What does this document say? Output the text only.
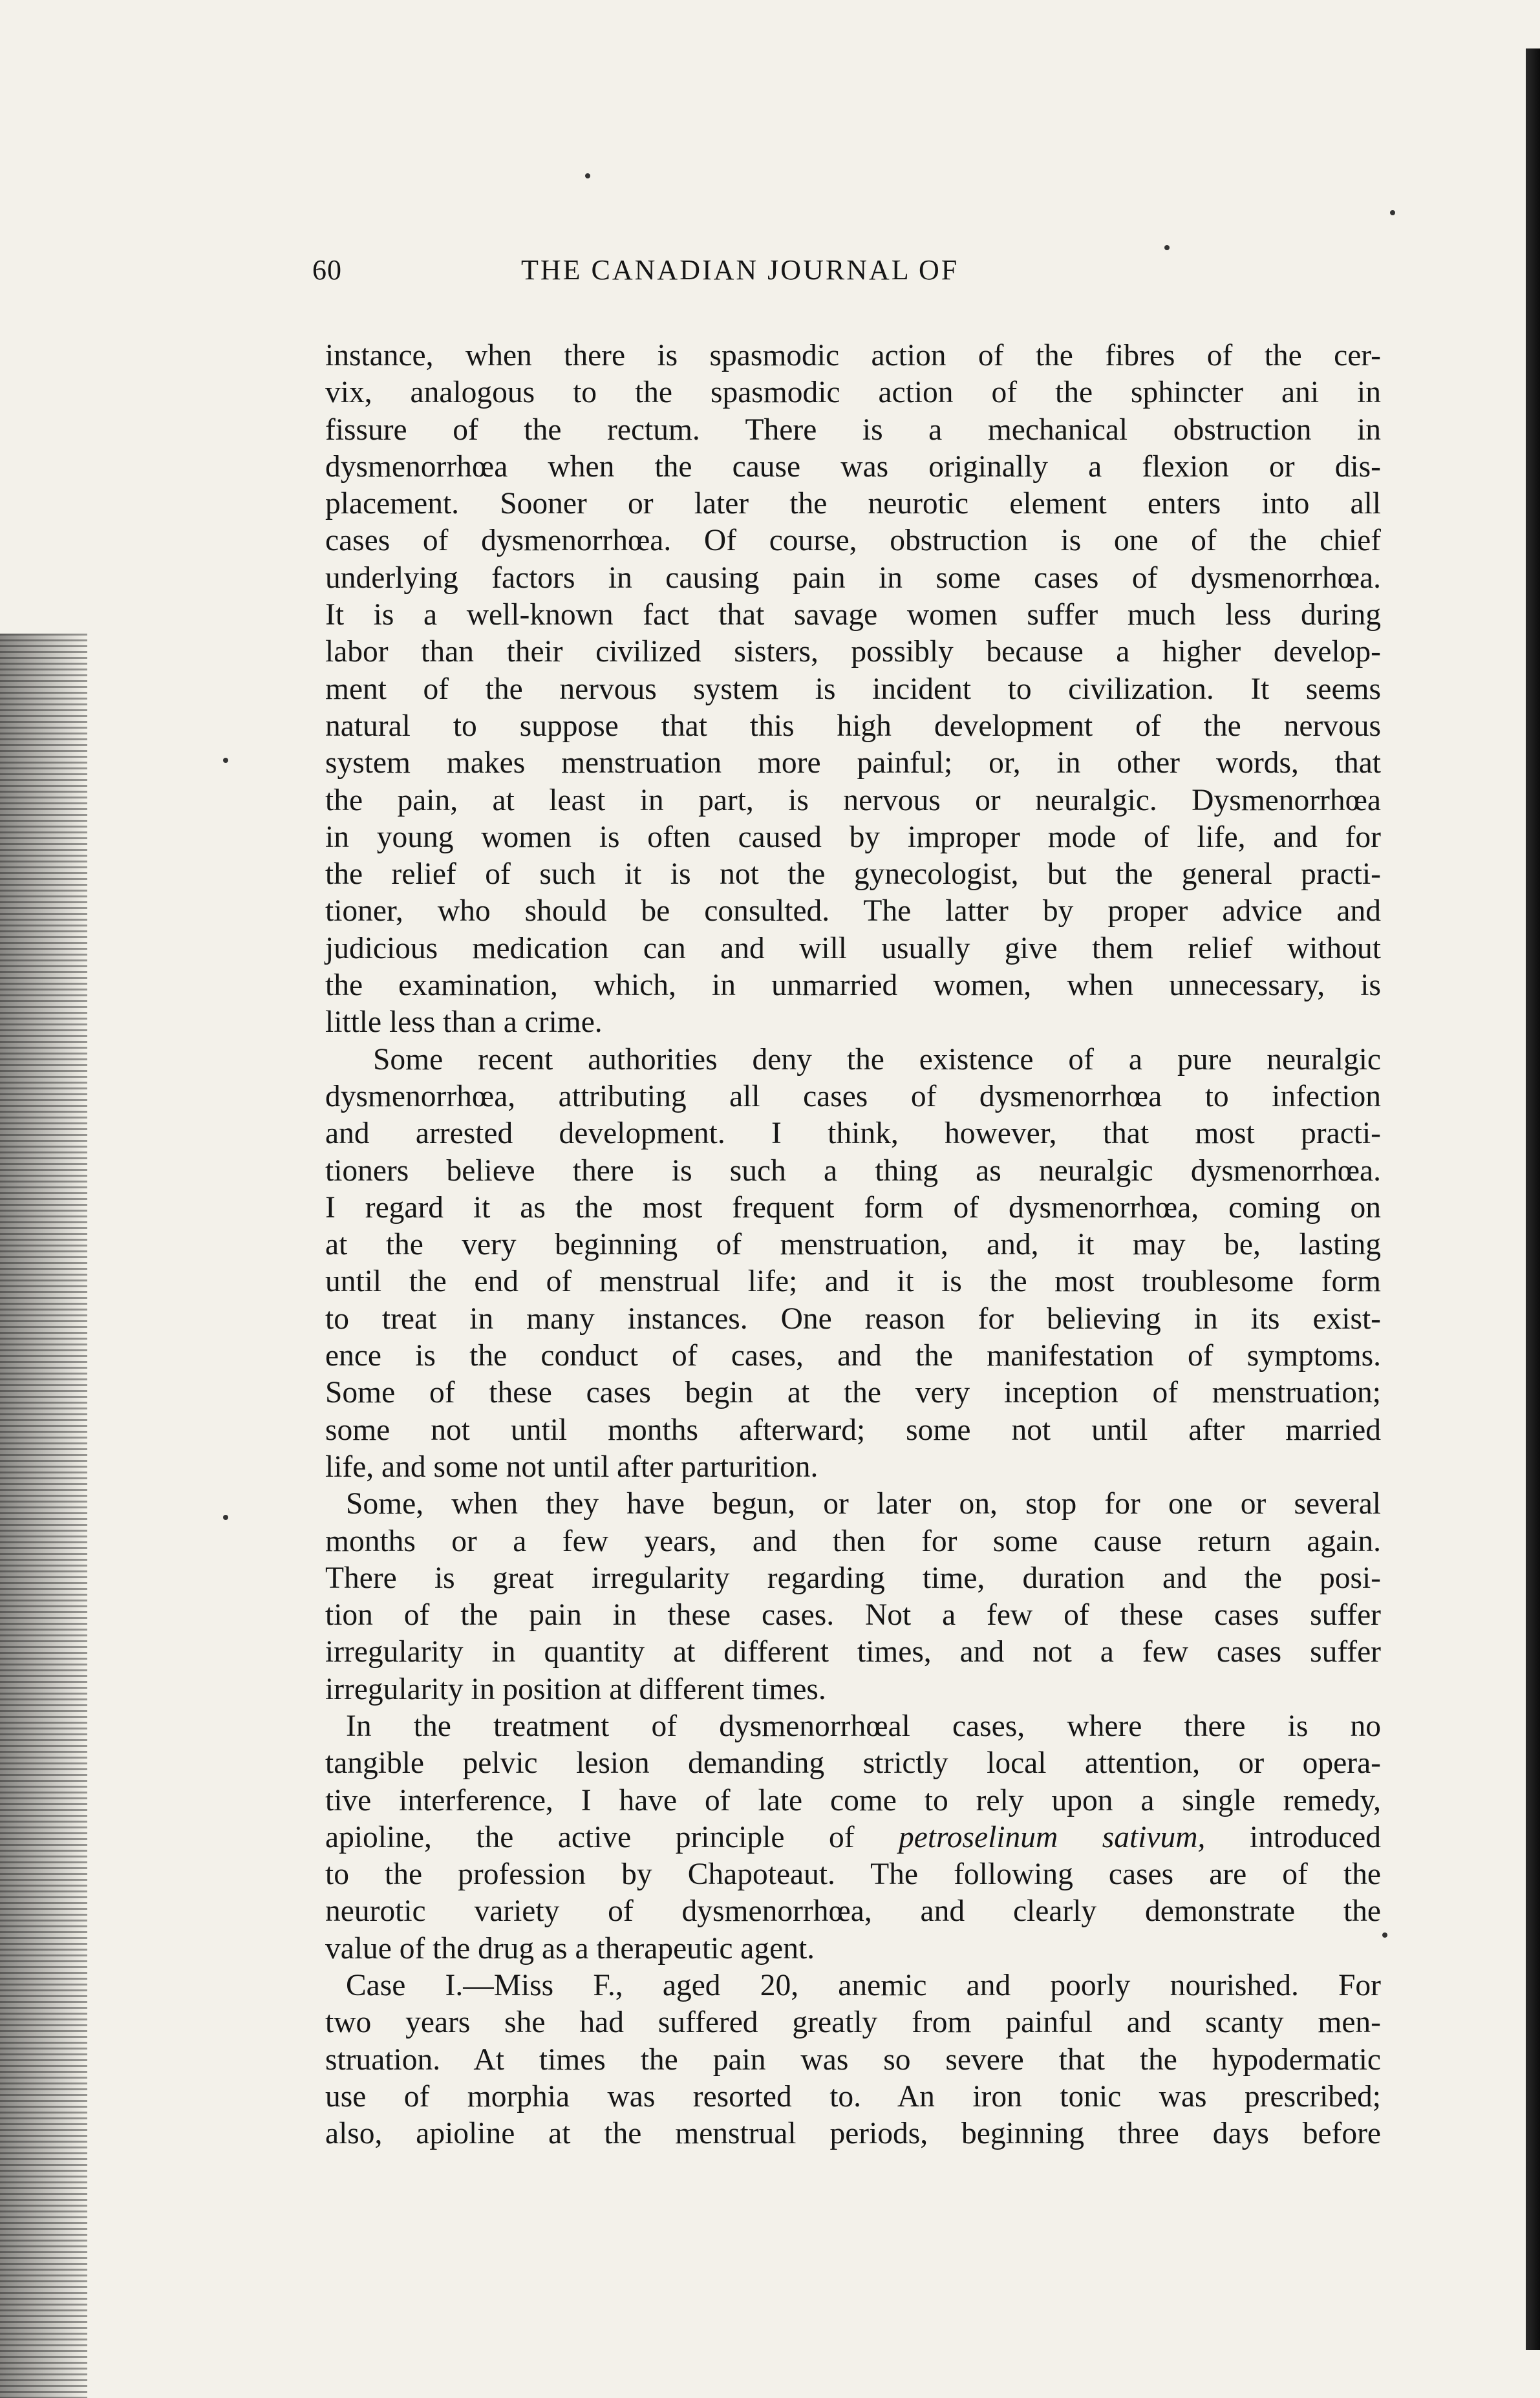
60	THE CANADIAN JOURNAL OF
instance, when there is spasmodic action of the fibres of the cer-
vix, analogous to the spasmodic action of the sphincter ani in
fissure of the rectum. There is a mechanical obstruction in
dysmenorrhœa when the cause was originally a flexion or dis-
placement. Sooner or later the neurotic element enters into all
cases of dysmenorrhœa. Of course, obstruction is one of the chief
underlying factors in causing pain in some cases of dysmenorrhœa.
It is a well-known fact that savage women suffer much less during
labor than their civilized sisters, possibly because a higher develop-
ment of the nervous system is incident to civilization. It seems
natural to suppose that this high development of the nervous
system makes menstruation more painful; or, in other words, that
the pain, at least in part, is nervous or neuralgic. Dysmenorrhœa
in young women is often caused by improper mode of life, and for
the relief of such it is not the gynecologist, but the general practi-
tioner, who should be consulted. The latter by proper advice and
judicious medication can and will usually give them relief without
the examination, which, in unmarried women, when unnecessary, is
little less than a crime.
Some recent authorities deny the existence of a pure neuralgic
dysmenorrhœa, attributing all cases of dysmenorrhœa to infection
and arrested development. I think, however, that most practi-
tioners believe there is such a thing as neuralgic dysmenorrhœa.
I regard it as the most frequent form of dysmenorrhœa, coming on
at the very beginning of menstruation, and, it may be, lasting
until the end of menstrual life; and it is the most troublesome form
to treat in many instances. One reason for believing in its exist-
ence is the conduct of cases, and the manifestation of symptoms.
Some of these cases begin at the very inception of menstruation;
some not until months afterward; some not until after married
life, and some not until after parturition.
Some, when they have begun, or later on, stop for one or several
months or a few years, and then for some cause return again.
There is great irregularity regarding time, duration and the posi-
tion of the pain in these cases. Not a few of these cases suffer
irregularity in quantity at different times, and not a few cases suffer
irregularity in position at different times.
In the treatment of dysmenorrhœal cases, where there is no
tangible pelvic lesion demanding strictly local attention, or opera-
tive interference, I have of late come to rely upon a single remedy,
apioline, the active principle of petroselinum sativum, introduced
to the profession by Chapoteaut. The following cases are of the
neurotic variety of dysmenorrhœa, and clearly demonstrate the
value of the drug as a therapeutic agent.
Case I.—Miss F., aged 20, anemic and poorly nourished. For
two years she had suffered greatly from painful and scanty men-
struation. At times the pain was so severe that the hypodermatic
use of morphia was resorted to. An iron tonic was prescribed;
also, apioline at the menstrual periods, beginning three days before
